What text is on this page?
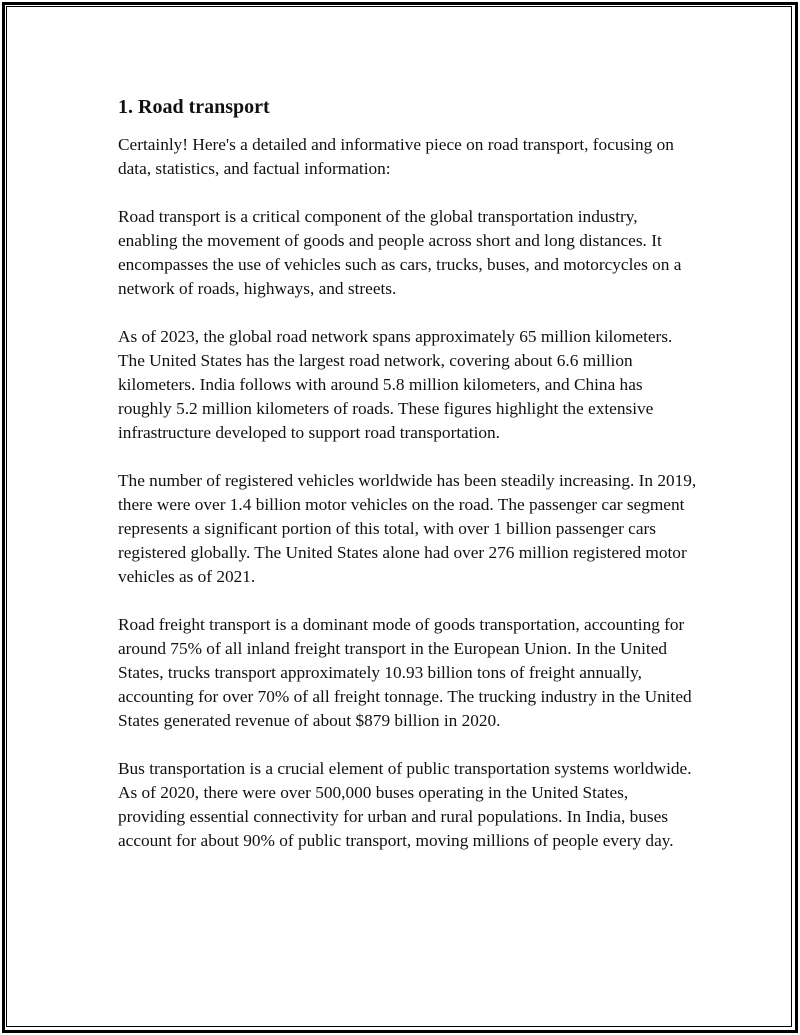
1. Road transport

Certainly! Here's a detailed and informative piece on road transport, focusing on data, statistics, and factual information:

Road transport is a critical component of the global transportation industry, enabling the movement of goods and people across short and long distances. It encompasses the use of vehicles such as cars, trucks, buses, and motorcycles on a network of roads, highways, and streets.

As of 2023, the global road network spans approximately 65 million kilometers. The United States has the largest road network, covering about 6.6 million kilometers. India follows with around 5.8 million kilometers, and China has roughly 5.2 million kilometers of roads. These figures highlight the extensive infrastructure developed to support road transportation.

The number of registered vehicles worldwide has been steadily increasing. In 2019, there were over 1.4 billion motor vehicles on the road. The passenger car segment represents a significant portion of this total, with over 1 billion passenger cars registered globally. The United States alone had over 276 million registered motor vehicles as of 2021.

Road freight transport is a dominant mode of goods transportation, accounting for around 75% of all inland freight transport in the European Union. In the United States, trucks transport approximately 10.93 billion tons of freight annually, accounting for over 70% of all freight tonnage. The trucking industry in the United States generated revenue of about $879 billion in 2020.

Bus transportation is a crucial element of public transportation systems worldwide. As of 2020, there were over 500,000 buses operating in the United States, providing essential connectivity for urban and rural populations. In India, buses account for about 90% of public transport, moving millions of people every day.
